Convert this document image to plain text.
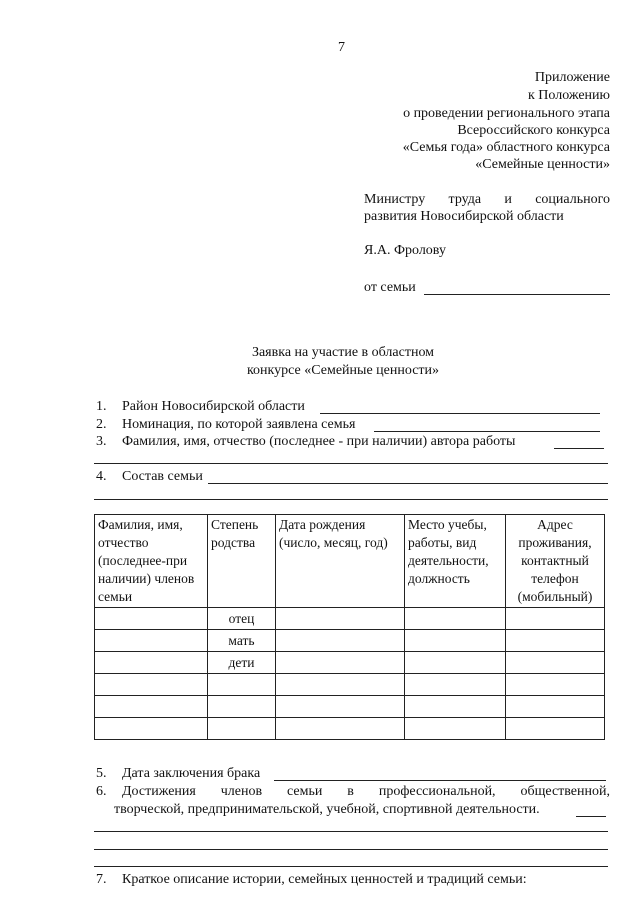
7
Приложение
к Положению
о проведении регионального этапа
Всероссийского конкурса
«Семья года» областного конкурса
«Семейные ценности»
Министру труда и социального
развития Новосибирской области
Я.А. Фролову
от семьи
Заявка на участие в областном
конкурсе «Семейные ценности»
1. Район Новосибирской области
2. Номинация, по которой заявлена семья
3. Фамилия, имя, отчество (последнее - при наличии) автора работы
4. Состав семьи
Фамилия, имя, отчество (последнее-при наличии) членов семьи	Степень родства	Дата рождения (число, месяц, год)	Место учебы, работы, вид деятельности, должность	Адрес проживания, контактный телефон (мобильный)
	отец			
	мать			
	дети			

5. Дата заключения брака
6. Достижения членов семьи в профессиональной, общественной,
творческой, предпринимательской, учебной, спортивной деятельности.
7. Краткое описание истории, семейных ценностей и традиций семьи:
